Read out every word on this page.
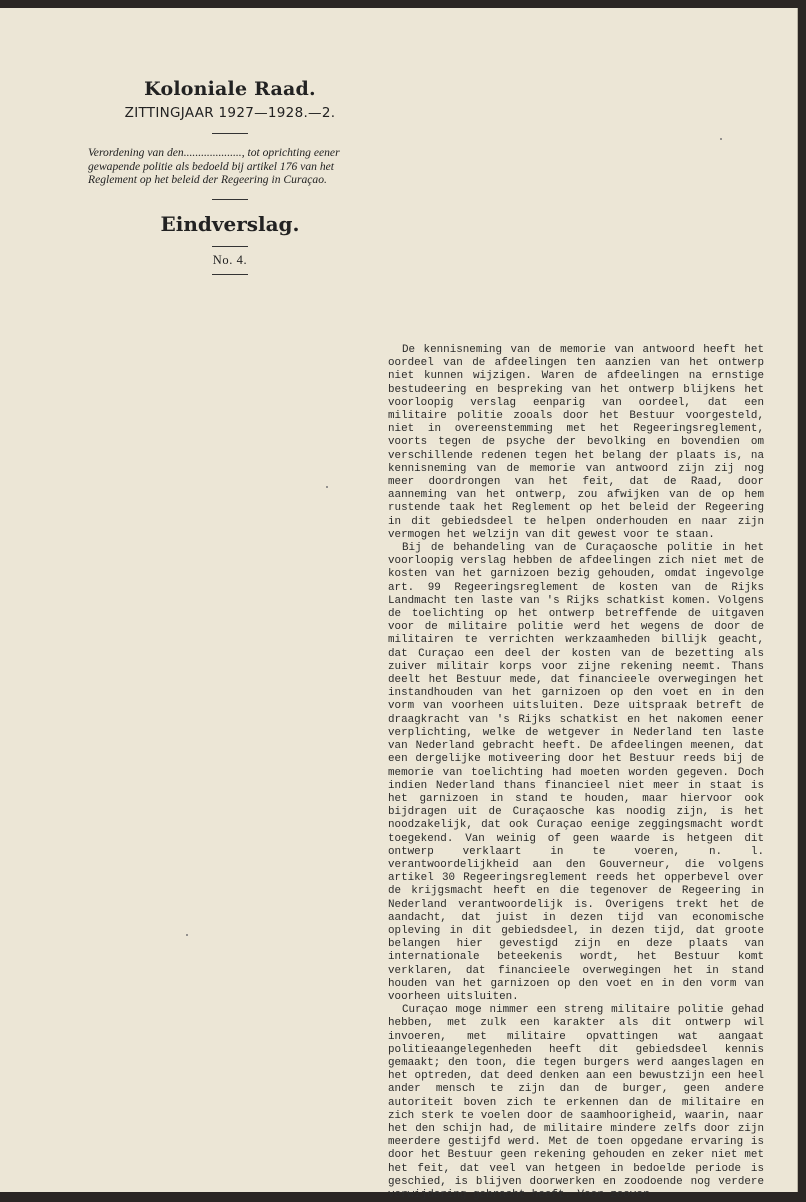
Koloniale Raad.
ZITTINGJAAR 1927—1928.—2.
Verordening van den...................., tot oprichting eener gewapende politie als bedoeld bij artikel 176 van het Reglement op het beleid der Regeering in Curaçao.
Eindverslag.
No. 4.

De kennisneming van de memorie van antwoord heeft het oordeel van de afdeelingen ten aanzien van het ontwerp niet kunnen wijzigen. Waren de afdeelingen na ernstige bestudeering en bespreking van het ontwerp blijkens het voorloopig verslag eenparig van oordeel, dat een militaire politie zooals door het Bestuur voorgesteld, niet in overeenstemming met het Regeeringsreglement, voorts tegen de psyche der bevolking en bovendien om verschillende redenen tegen het belang der plaats is, na kennisneming van de memorie van antwoord zijn zij nog meer doordrongen van het feit, dat de Raad, door aanneming van het ontwerp, zou afwijken van de op hem rustende taak het Reglement op het beleid der Regeering in dit gebiedsdeel te helpen onderhouden en naar zijn vermogen het welzijn van dit gewest voor te staan.

Bij de behandeling van de Curaçaosche politie in het voorloopig verslag hebben de afdeelingen zich niet met de kosten van het garnizoen bezig gehouden, omdat ingevolge art. 99 Regeeringsreglement de kosten van de Rijks Landmacht ten laste van 's Rijks schatkist komen. Volgens de toelichting op het ontwerp betreffende de uitgaven voor de militaire politie werd het wegens de door de militairen te verrichten werkzaamheden billijk geacht, dat Curaçao een deel der kosten van de bezetting als zuiver militair korps voor zijne rekening neemt. Thans deelt het Bestuur mede, dat financieele overwegingen het instandhouden van het garnizoen op den voet en in den vorm van voorheen uitsluiten. Deze uitspraak betreft de draagkracht van 's Rijks schatkist en het nakomen eener verplichting, welke de wetgever in Nederland ten laste van Nederland gebracht heeft. De afdeelingen meenen, dat een dergelijke motiveering door het Bestuur reeds bij de memorie van toelichting had moeten worden gegeven. Doch indien Nederland thans financieel niet meer in staat is het garnizoen in stand te houden, maar hiervoor ook bijdragen uit de Curaçaosche kas noodig zijn, is het noodzakelijk, dat ook Curaçao eenige zeggingsmacht wordt toegekend. Van weinig of geen waarde is hetgeen dit ontwerp verklaart in te voeren, n. l. verantwoordelijkheid aan den Gouverneur, die volgens artikel 30 Regeeringsreglement reeds het opperbevel over de krijgsmacht heeft en die tegenover de Regeering in Nederland verantwoordelijk is. Overigens trekt het de aandacht, dat juist in dezen tijd van economische opleving in dit gebiedsdeel, in dezen tijd, dat groote belangen hier gevestigd zijn en deze plaats van internationale beteekenis wordt, het Bestuur komt verklaren, dat financieele overwegingen het in stand houden van het garnizoen op den voet en in den vorm van voorheen uitsluiten.

Curaçao moge nimmer een streng militaire politie gehad hebben, met zulk een karakter als dit ontwerp wil invoeren, met militaire opvattingen wat aangaat politieaangelegenheden heeft dit gebiedsdeel kennis gemaakt; den toon, die tegen burgers werd aangeslagen en het optreden, dat deed denken aan een bewustzijn een heel ander mensch te zijn dan de burger, geen andere autoriteit boven zich te erkennen dan de militaire en zich sterk te voelen door de saamhoorigheid, waarin, naar het den schijn had, de militaire mindere zelfs door zijn meerdere gestijfd werd. Met de toen opgedane ervaring is door het Bestuur geen rekening gehouden en zeker niet met het feit, dat veel van hetgeen in bedoelde periode is geschied, is blijven doorwerken en zoodoende nog verdere verwijdering gebracht heeft. Voor zoover
